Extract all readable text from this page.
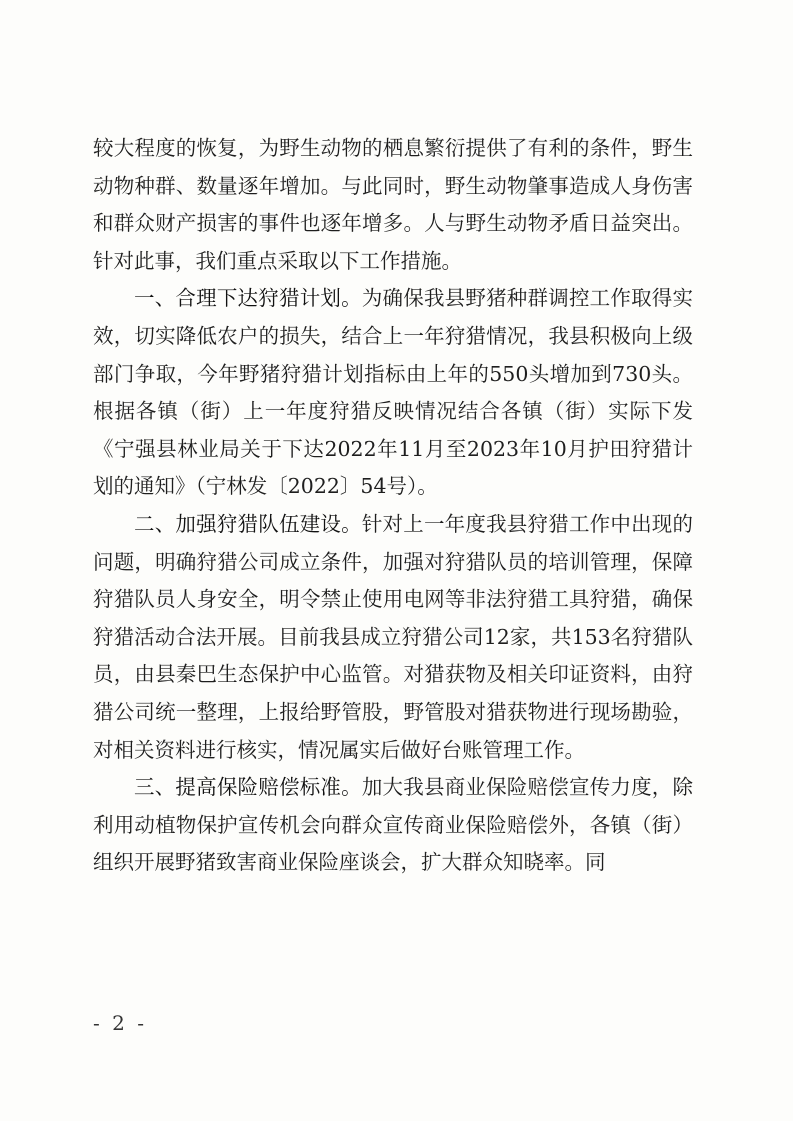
较大程度的恢复，为野生动物的栖息繁衍提供了有利的条件，野生动物种群、数量逐年增加。与此同时，野生动物肇事造成人身伤害和群众财产损害的事件也逐年增多。人与野生动物矛盾日益突出。针对此事，我们重点采取以下工作措施。

一、合理下达狩猎计划。为确保我县野猪种群调控工作取得实效，切实降低农户的损失，结合上一年狩猎情况，我县积极向上级部门争取，今年野猪狩猎计划指标由上年的550头增加到730头。根据各镇（街）上一年度狩猎反映情况结合各镇（街）实际下发《宁强县林业局关于下达2022年11月至2023年10月护田狩猎计划的通知》（宁林发〔2022〕54号）。

二、加强狩猎队伍建设。针对上一年度我县狩猎工作中出现的问题，明确狩猎公司成立条件，加强对狩猎队员的培训管理，保障狩猎队员人身安全，明令禁止使用电网等非法狩猎工具狩猎，确保狩猎活动合法开展。目前我县成立狩猎公司12家，共153名狩猎队员，由县秦巴生态保护中心监管。对猎获物及相关印证资料，由狩猎公司统一整理，上报给野管股，野管股对猎获物进行现场勘验，对相关资料进行核实，情况属实后做好台账管理工作。

三、提高保险赔偿标准。加大我县商业保险赔偿宣传力度，除利用动植物保护宣传机会向群众宣传商业保险赔偿外，各镇（街）组织开展野猪致害商业保险座谈会，扩大群众知晓率。同

- 2 -
